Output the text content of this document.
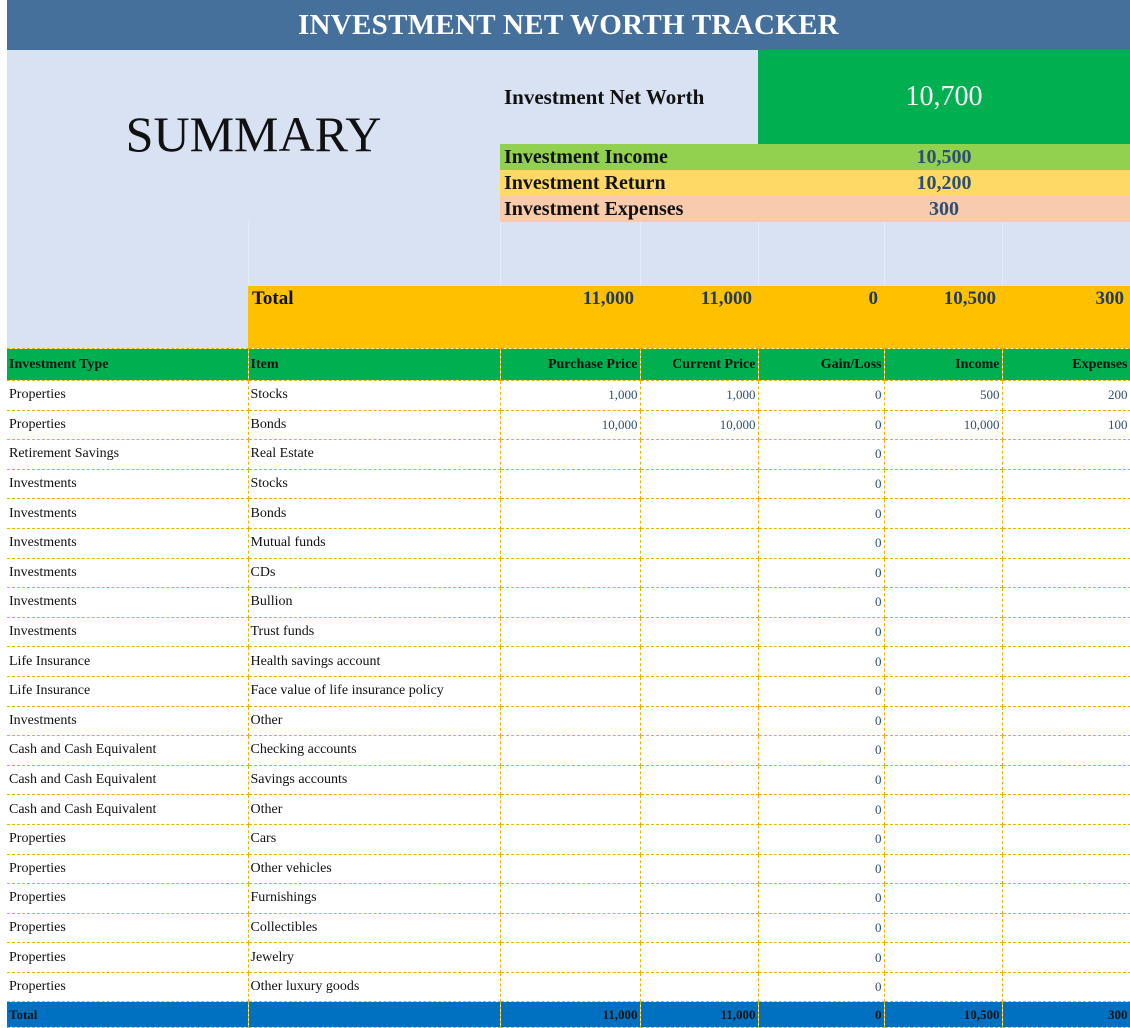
INVESTMENT NET WORTH TRACKER
SUMMARY
Investment Net Worth	10,700
Investment Income	10,500
Investment Return	10,200
Investment Expenses	300
Total	11,000	11,000	0	10,500	300
Investment Type	Item	Purchase Price	Current Price	Gain/Loss	Income	Expenses
Properties	Stocks	1,000	1,000	0	500	200
Properties	Bonds	10,000	10,000	0	10,000	100
Retirement Savings	Real Estate			0		
Investments	Stocks			0		
Investments	Bonds			0		
Investments	Mutual funds			0		
Investments	CDs			0		
Investments	Bullion			0		
Investments	Trust funds			0		
Life Insurance	Health savings account			0		
Life Insurance	Face value of life insurance policy			0		
Investments	Other			0		
Cash and Cash Equivalent	Checking accounts			0		
Cash and Cash Equivalent	Savings accounts			0		
Cash and Cash Equivalent	Other			0		
Properties	Cars			0		
Properties	Other vehicles			0		
Properties	Furnishings			0		
Properties	Collectibles			0		
Properties	Jewelry			0		
Properties	Other luxury goods			0		
Total		11,000	11,000	0	10,500	300
